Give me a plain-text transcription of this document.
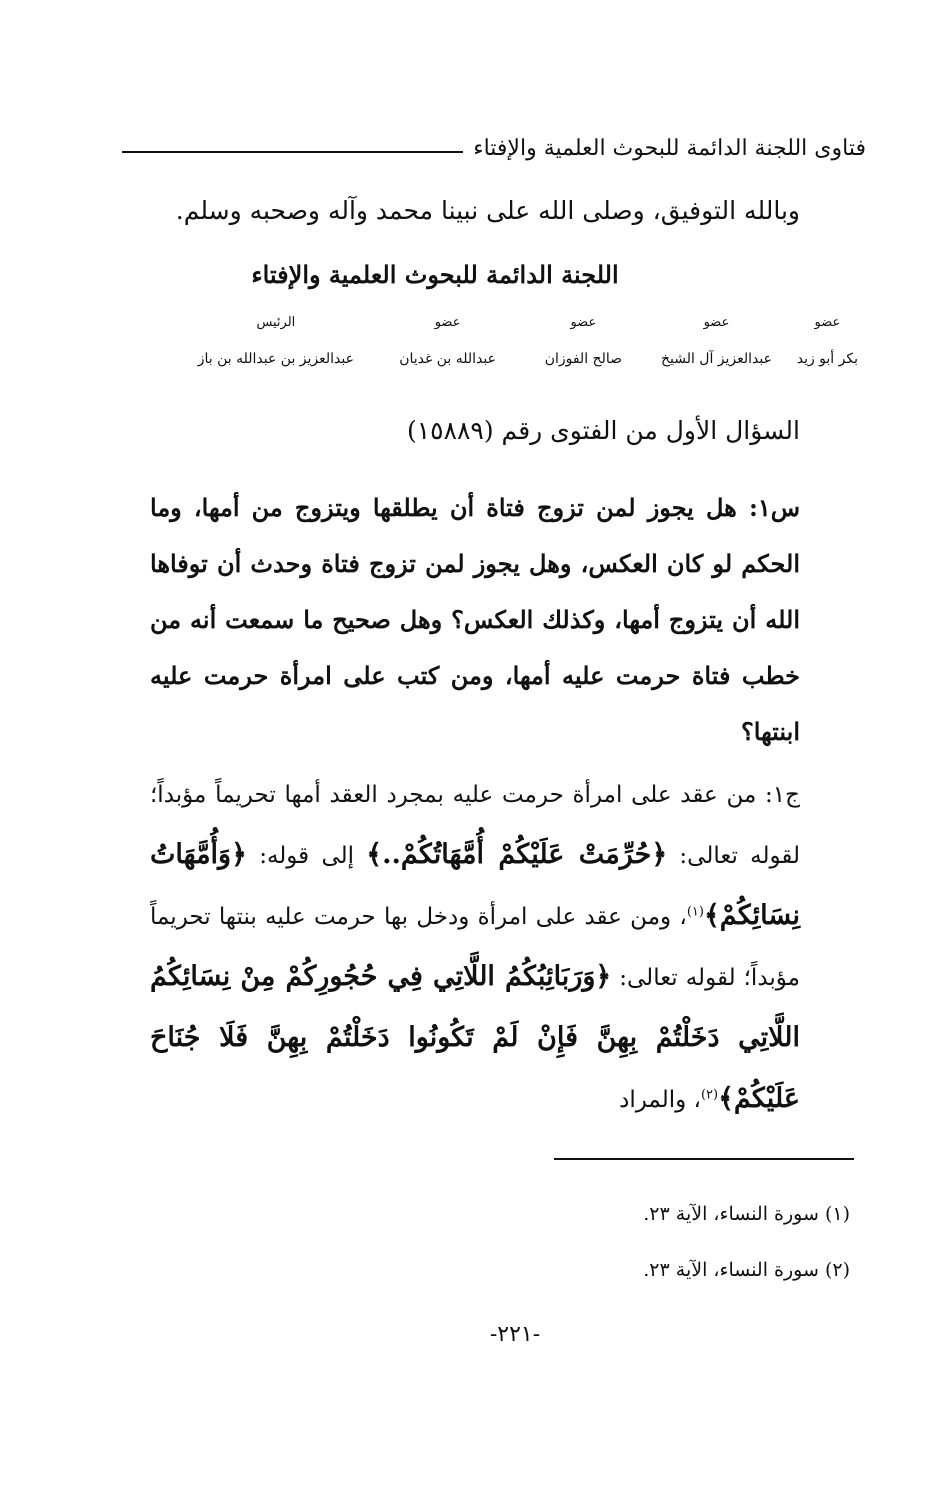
فتاوى اللجنة الدائمة للبحوث العلمية والإفتاء
وبالله التوفيق، وصلى الله على نبينا محمد وآله وصحبه وسلم.
اللجنة الدائمة للبحوث العلمية والإفتاء
عضو
بكر أبو زيد
عضو
عبدالعزيز آل الشيخ
عضو
صالح الفوزان
عضو
عبدالله بن غديان
الرئيس
عبدالعزيز بن عبدالله بن باز
السؤال الأول من الفتوى رقم (١٥٨٨٩)
س١: هل يجوز لمن تزوج فتاة أن يطلقها ويتزوج من أمها، وما الحكم لو كان العكس، وهل يجوز لمن تزوج فتاة وحدث أن توفاها الله أن يتزوج أمها، وكذلك العكس؟ وهل صحيح ما سمعت أنه من خطب فتاة حرمت عليه أمها، ومن كتب على امرأة حرمت عليه ابنتها؟
ج١: من عقد على امرأة حرمت عليه بمجرد العقد أمها تحريماً مؤبداً؛ لقوله تعالى: ﴿حُرِّمَتْ عَلَيْكُمْ أُمَّهَاتُكُمْ..﴾ إلى قوله: ﴿وَأُمَّهَاتُ نِسَائِكُمْ﴾$^{(١)}$، ومن عقد على امرأة ودخل بها حرمت عليه بنتها تحريماً مؤبداً؛ لقوله تعالى: ﴿وَرَبَائِبُكُمُ اللَّاتِي فِي حُجُورِكُمْ مِنْ نِسَائِكُمُ اللَّاتِي دَخَلْتُمْ بِهِنَّ فَإِنْ لَمْ تَكُونُوا دَخَلْتُمْ بِهِنَّ فَلَا جُنَاحَ عَلَيْكُمْ﴾$^{(٢)}$، والمراد
(١) سورة النساء، الآية ٢٣.
(٢) سورة النساء، الآية ٢٣.
-٢٢١-
